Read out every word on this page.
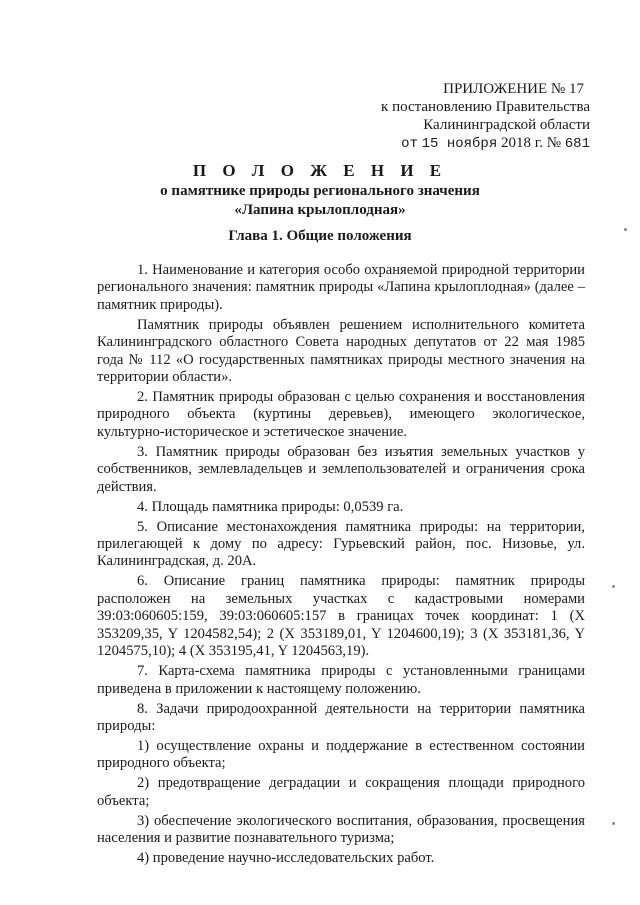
ПРИЛОЖЕНИЕ № 17
к постановлению Правительства
Калининградской области
от 15 ноября 2018 г. № 681
П О Л О Ж Е Н И Е
о памятнике природы регионального значения
«Лапина крылоплодная»
Глава 1. Общие положения

1. Наименование и категория особо охраняемой природной территории регионального значения: памятник природы «Лапина крылоплодная» (далее – памятник природы).

Памятник природы объявлен решением исполнительного комитета Калининградского областного Совета народных депутатов от 22 мая 1985 года № 112 «О государственных памятниках природы местного значения на территории области».

2. Памятник природы образован с целью сохранения и восстановления природного объекта (куртины деревьев), имеющего экологическое, культурно-историческое и эстетическое значение.

3. Памятник природы образован без изъятия земельных участков у собственников, землевладельцев и землепользователей и ограничения срока действия.

4. Площадь памятника природы: 0,0539 га.

5. Описание местонахождения памятника природы: на территории, прилегающей к дому по адресу: Гурьевский район, пос. Низовье, ул. Калининградская, д. 20А.

6. Описание границ памятника природы: памятник природы расположен на земельных участках с кадастровыми номерами 39:03:060605:159, 39:03:060605:157 в границах точек координат: 1 (X 353209,35, Y 1204582,54); 2 (X 353189,01, Y 1204600,19); 3 (X 353181,36, Y 1204575,10); 4 (X 353195,41, Y 1204563,19).

7. Карта-схема памятника природы с установленными границами приведена в приложении к настоящему положению.

8. Задачи природоохранной деятельности на территории памятника природы:

1) осуществление охраны и поддержание в естественном состоянии природного объекта;

2) предотвращение деградации и сокращения площади природного объекта;

3) обеспечение экологического воспитания, образования, просвещения населения и развитие познавательного туризма;

4) проведение научно-исследовательских работ.
